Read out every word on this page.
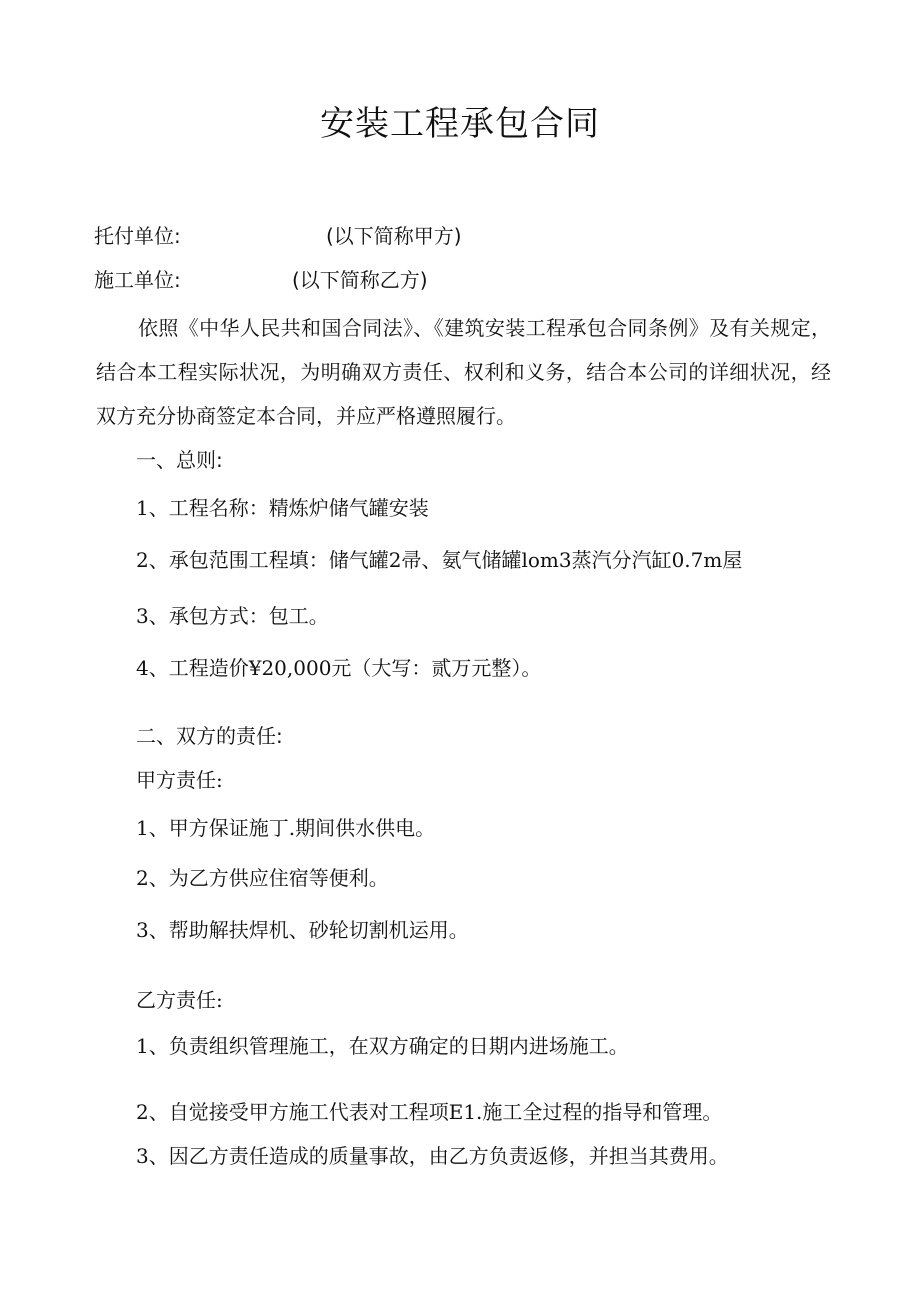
安装工程承包合同
托付单位:	(以下简称甲方)
施工单位:	(以下简称乙方)
依照《中华人民共和国合同法》、《建筑安装工程承包合同条例》及有关规定，结合本工程实际状况，为明确双方责任、权利和义务，结合本公司的详细状况，经双方充分协商签定本合同，并应严格遵照履行。
一、总则:
1、工程名称：精炼炉储气罐安装
2、承包范围工程填：储气罐2帚、氨气储罐lom3蒸汽分汽缸0.7m屋
3、承包方式：包工。
4、工程造价¥20,000元（大写：贰万元整）。
二、双方的责任:
甲方责任:
1、甲方保证施丁.期间供水供电。
2、为乙方供应住宿等便利。
3、帮助解扶焊机、砂轮切割机运用。
乙方责任:
1、负责组织管理施工，在双方确定的日期内进场施工。
2、自觉接受甲方施工代表对工程项E1.施工全过程的指导和管理。
3、因乙方责任造成的质量事故，由乙方负责返修，并担当其费用。
